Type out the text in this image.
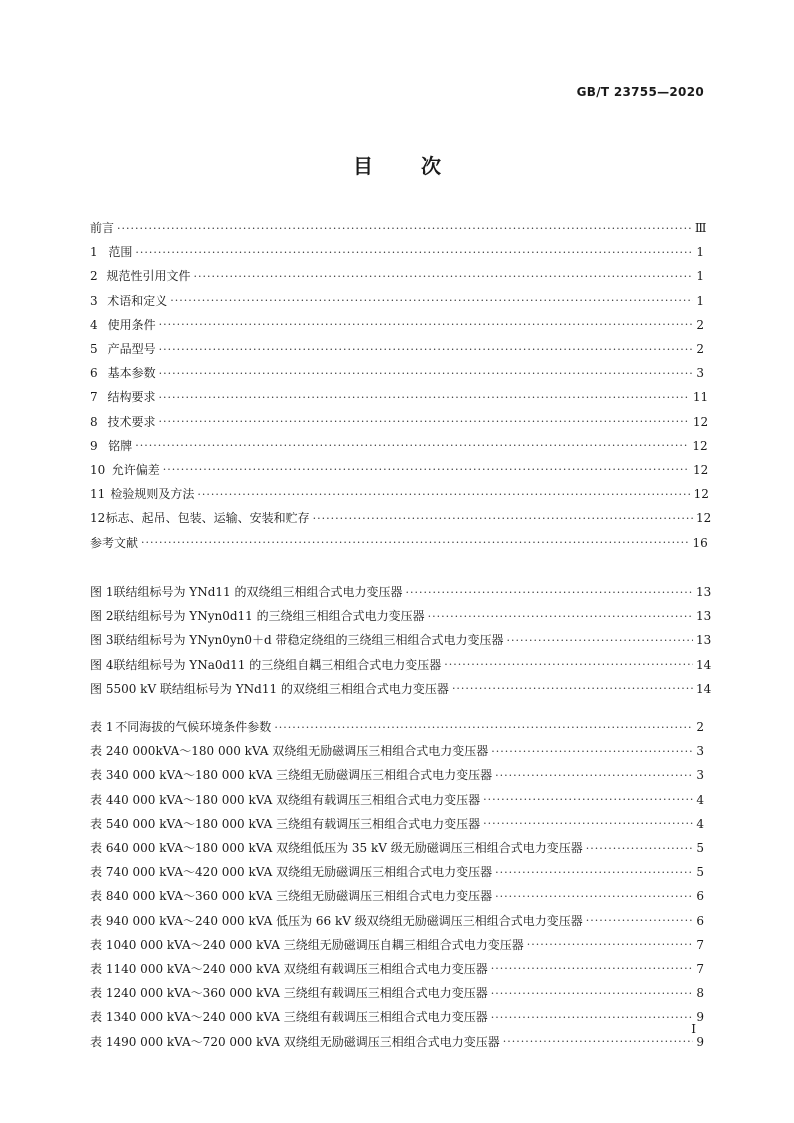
GB/T 23755—2020
目 次
前言 ·····	Ⅲ
1 范围 ·····	1
2 规范性引用文件 ·····	1
3 术语和定义 ·····	1
4 使用条件 ·····	2
5 产品型号 ·····	2
6 基本参数 ·····	3
7 结构要求 ·····	11
8 技术要求 ·····	12
9 铭牌 ·····	12
10 允许偏差 ·····	12
11 检验规则及方法 ·····	12
12 标志、起吊、包装、运输、安装和贮存 ·····	12
参考文献 ·····	16
图 1 联结组标号为 YNd11 的双绕组三相组合式电力变压器 ·····	13
图 2 联结组标号为 YNyn0d11 的三绕组三相组合式电力变压器 ·····	13
图 3 联结组标号为 YNyn0yn0＋d 带稳定绕组的三绕组三相组合式电力变压器 ·····	13
图 4 联结组标号为 YNa0d11 的三绕组自耦三相组合式电力变压器 ·····	14
图 5 500 kV 联结组标号为 YNd11 的双绕组三相组合式电力变压器 ·····	14
表 1 不同海拔的气候环境条件参数 ·····	2
表 2 40 000kVA～180 000 kVA 双绕组无励磁调压三相组合式电力变压器 ·····	3
表 3 40 000 kVA～180 000 kVA 三绕组无励磁调压三相组合式电力变压器 ·····	3
表 4 40 000 kVA～180 000 kVA 双绕组有载调压三相组合式电力变压器 ·····	4
表 5 40 000 kVA～180 000 kVA 三绕组有载调压三相组合式电力变压器 ·····	4
表 6 40 000 kVA～180 000 kVA 双绕组低压为 35 kV 级无励磁调压三相组合式电力变压器 ·····	5
表 7 40 000 kVA～420 000 kVA 双绕组无励磁调压三相组合式电力变压器 ·····	5
表 8 40 000 kVA～360 000 kVA 三绕组无励磁调压三相组合式电力变压器 ·····	6
表 9 40 000 kVA～240 000 kVA 低压为 66 kV 级双绕组无励磁调压三相组合式电力变压器 ·····	6
表 10 40 000 kVA～240 000 kVA 三绕组无励磁调压自耦三相组合式电力变压器 ·····	7
表 11 40 000 kVA～240 000 kVA 双绕组有载调压三相组合式电力变压器 ·····	7
表 12 40 000 kVA～360 000 kVA 三绕组有载调压三相组合式电力变压器 ·····	8
表 13 40 000 kVA～240 000 kVA 三绕组有载调压三相组合式电力变压器 ·····	9
表 14 90 000 kVA～720 000 kVA 双绕组无励磁调压三相组合式电力变压器 ·····	9
I
